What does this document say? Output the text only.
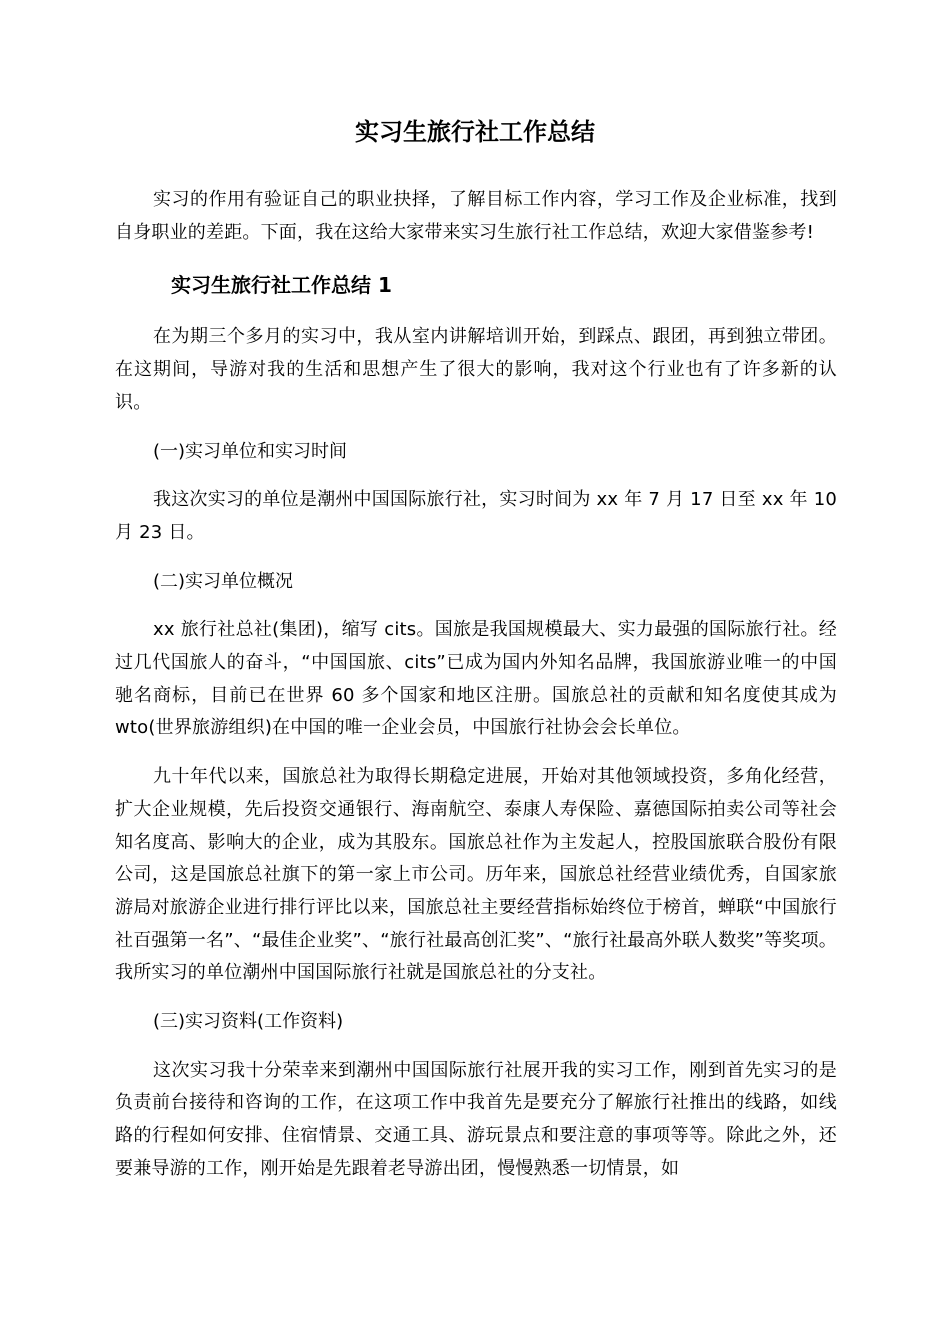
实习生旅行社工作总结

实习的作用有验证自己的职业抉择，了解目标工作内容，学习工作及企业标准，找到自身职业的差距。下面，我在这给大家带来实习生旅行社工作总结，欢迎大家借鉴参考!

实习生旅行社工作总结 1

在为期三个多月的实习中，我从室内讲解培训开始，到踩点、跟团，再到独立带团。在这期间，导游对我的生活和思想产生了很大的影响，我对这个行业也有了许多新的认识。

(一)实习单位和实习时间

我这次实习的单位是潮州中国国际旅行社，实习时间为 xx 年 7 月 17 日至 xx 年 10 月 23 日。

(二)实习单位概况

xx 旅行社总社(集团)，缩写 cits。国旅是我国规模最大、实力最强的国际旅行社。经过几代国旅人的奋斗，“中国国旅、cits”已成为国内外知名品牌，我国旅游业唯一的中国驰名商标，目前已在世界 60 多个国家和地区注册。国旅总社的贡献和知名度使其成为 wto(世界旅游组织)在中国的唯一企业会员，中国旅行社协会会长单位。

九十年代以来，国旅总社为取得长期稳定进展，开始对其他领域投资，多角化经营，扩大企业规模，先后投资交通银行、海南航空、泰康人寿保险、嘉德国际拍卖公司等社会知名度高、影响大的企业，成为其股东。国旅总社作为主发起人，控股国旅联合股份有限公司，这是国旅总社旗下的第一家上市公司。历年来，国旅总社经营业绩优秀，自国家旅游局对旅游企业进行排行评比以来，国旅总社主要经营指标始终位于榜首，蝉联“中国旅行社百强第一名”、“最佳企业奖”、“旅行社最高创汇奖”、“旅行社最高外联人数奖”等奖项。我所实习的单位潮州中国国际旅行社就是国旅总社的分支社。

(三)实习资料(工作资料)

这次实习我十分荣幸来到潮州中国国际旅行社展开我的实习工作，刚到首先实习的是负责前台接待和咨询的工作，在这项工作中我首先是要充分了解旅行社推出的线路，如线路的行程如何安排、住宿情景、交通工具、游玩景点和要注意的事项等等。除此之外，还要兼导游的工作，刚开始是先跟着老导游出团，慢慢熟悉一切情景，如
